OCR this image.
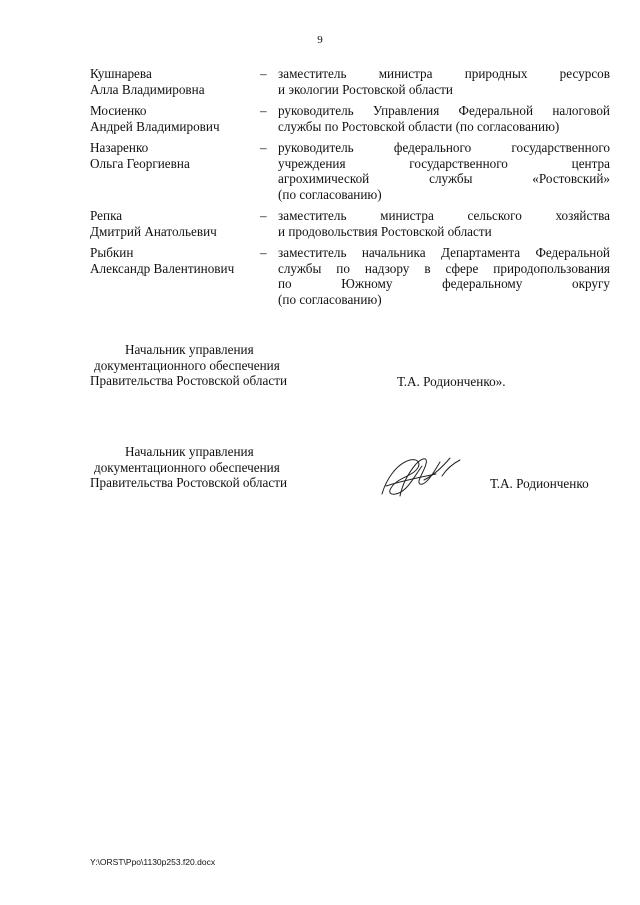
9
Кушнарева
Алла Владимировна
– заместитель министра природных ресурсов
и экологии Ростовской области
Мосиенко
Андрей Владимирович
– руководитель Управления Федеральной налоговой
службы по Ростовской области (по согласованию)
Назаренко
Ольга Георгиевна
– руководитель федерального государственного
учреждения государственного центра
агрохимической службы «Ростовский»
(по согласованию)
Репка
Дмитрий Анатольевич
– заместитель министра сельского хозяйства
и продовольствия Ростовской области
Рыбкин
Александр Валентинович
– заместитель начальника Департамента Федеральной
службы по надзору в сфере природопользования
по Южному федеральному округу
(по согласованию)
Начальник управления
документационного обеспечения
Правительства Ростовской области	Т.А. Родионченко».
Начальник управления
документационного обеспечения
Правительства Ростовской области	Т.А. Родионченко
Y:\ORST\Ppo\1130p253.f20.docx
